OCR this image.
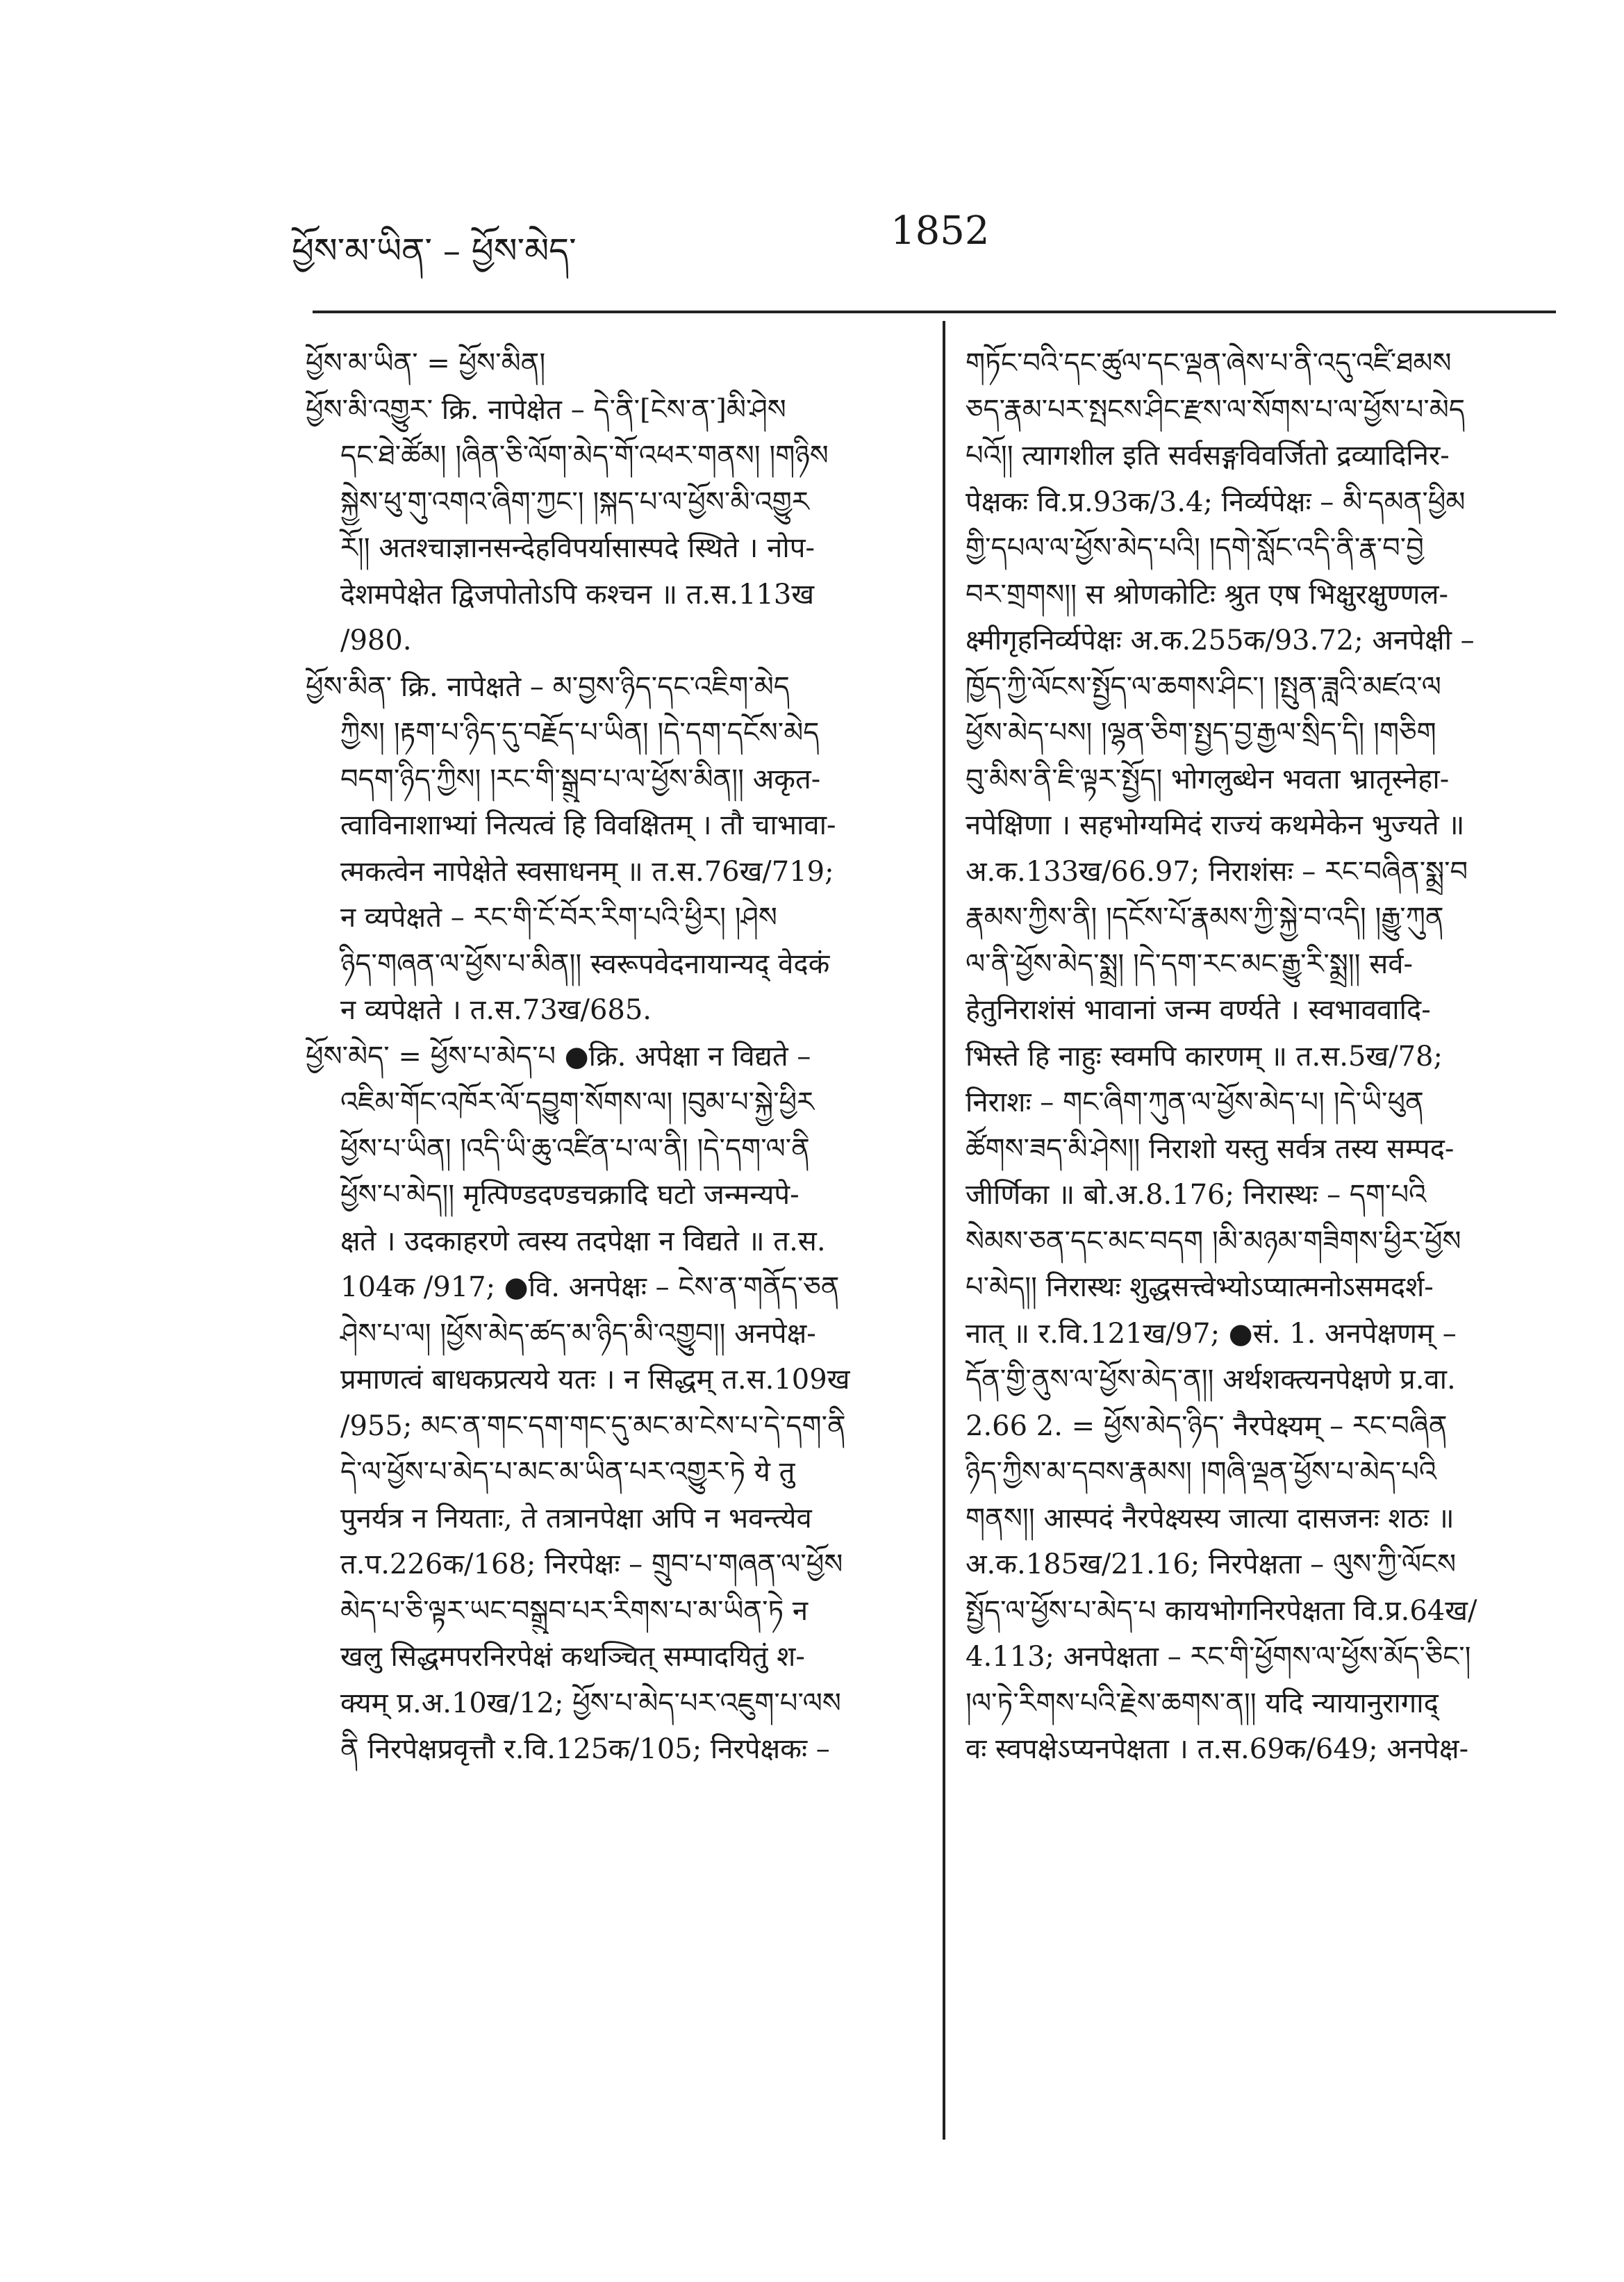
ཕྱོས་མ་ཡིན་ – ཕྱོས་མེད་	1852

ཕྱོས་མ་ཡིན་ = ཕྱོས་མིན།

ཕྱོས་མི་འགྱུར་ क्रि. नापेक्षेत – དེ་ནི་[ངེས་ན་]མི་ཤེས

དང་ཐེ་ཚོམ། །ཞིན་ཅི་ལོག་མེད་གོ་འཕར་གནས། །གཉིས

སྐྱེས་ཕུ་གུ་འགའ་ཞིག་ཀྱང་། །སྐད་པ་ལ་ཕྱོས་མི་འགྱུར

རོ།། अतश्चाज्ञानसन्देहविपर्यासास्पदे स्थिते । नोप-

देशमपेक्षेत द्विजपोतोऽपि कश्चन ॥ त.स.113ख

/980.

ཕྱོས་མིན་ क्रि. नापेक्षते – མ་བྱས་ཉིད་དང་འཇིག་མེད

ཀྱིས། །རྟག་པ་ཉིད་དུ་བརྗོད་པ་ཡིན། །དེ་དག་དངོས་མེད

བདག་ཉིད་ཀྱིས། །རང་གི་སྒྲུབ་པ་ལ་ཕྱོས་མིན།། अकृत-

त्वाविनाशाभ्यां नित्यत्वं हि विवक्षितम् । तौ चाभावा-

त्मकत्वेन नापेक्षेते स्वसाधनम् ॥ त.स.76ख/719;

न व्यपेक्षते – རང་གི་ངོ་བོར་རིག་པའི་ཕྱིར། །ཤེས

ཉིད་གཞན་ལ་ཕྱོས་པ་མིན།། स्वरूपवेदनायान्यद् वेदकं

न व्यपेक्षते । त.स.73ख/685.

ཕྱོས་མེད་ = ཕྱོས་པ་མེད་པ ●क्रि. अपेक्षा न विद्यते –

འཇིམ་གོང་འཁོར་ལོ་དབྱུག་སོགས་ལ། །བུམ་པ་སྐྱེ་ཕྱིར

ཕྱོས་པ་ཡིན། །འདི་ཡི་ཆུ་འཛིན་པ་ལ་ནི། །དེ་དག་ལ་ནི

ཕྱོས་པ་མེད།། मृत्पिण्डदण्डचक्रादि घटो जन्मन्यपे-

क्षते । उदकाहरणे त्वस्य तदपेक्षा न विद्यते ॥ त.स.

104क /917; ●वि. अनपेक्षः – ངེས་ན་གནོད་ཅན

ཤེས་པ་ལ། །ཕྱོས་མེད་ཚད་མ་ཉིད་མི་འགྱུབ།། अनपेक्ष-

प्रमाणत्वं बाधकप्रत्यये यतः । न सिद्धम् त.स.109ख

/955; མང་ན་གང་དག་གང་དུ་མང་མ་ངེས་པ་དེ་དག་ནི

དེ་ལ་ཕྱོས་པ་མེད་པ་མང་མ་ཡིན་པར་འགྱུར་ཏེ ये तु

पुनर्यत्र न नियताः, ते तत्रानपेक्षा अपि न भवन्त्येव

त.प.226क/168; निरपेक्षः – གྲུབ་པ་གཞན་ལ་ཕྱོས

མེད་པ་ཅི་ལྟར་ཡང་བསྒྲུབ་པར་རིགས་པ་མ་ཡིན་ཏེ न

खलु सिद्धमपरनिरपेक्षं कथञ्चित् सम्पादयितुं श-

क्यम् प्र.अ.10ख/12; ཕྱོས་པ་མེད་པར་འཇུག་པ་ལས

ནི निरपेक्षप्रवृत्तौ र.वि.125क/105; निरपेक्षकः –

གཏོང་བའི་དང་ཚུལ་དང་ལྡན་ཞེས་པ་ནི་འདུ་འཛི་ཐམས

ཅད་རྣམ་པར་སྤངས་ཤིང་རྫས་ལ་སོགས་པ་ལ་ཕྱོས་པ་མེད

པའོ།། त्यागशील इति सर्वसङ्गविवर्जितो द्रव्यादिनिर-

पेक्षकः वि.प्र.93क/3.4; निर्व्यपेक्षः – མི་དམན་ཕྱིམ

གྱི་དཔལ་ལ་ཕྱོས་མེད་པའི། །དགེ་སློང་འདི་ནི་རྣ་བ་བྱེ

བར་གྲགས།། स श्रोणकोटिः श्रुत एष भिक्षुरक्षुण्णल-

क्ष्मीगृहनिर्व्यपेक्षः अ.क.255क/93.72; अनपेक्षी –

ཁྱོད་ཀྱི་ལོངས་སྤྱོད་ལ་ཆགས་ཤིང་། །སྤུན་ཟླའི་མཛའ་ལ

ཕྱོས་མེད་པས། །ལྷན་ཅིག་སྤྱད་བྱ་རྒྱལ་སྲིད་དི། །གཅིག

བུ་མིས་ནི་ཇི་ལྟར་སྤྱོད། भोगलुब्धेन भवता भ्रातृस्नेहा-

नपेक्षिणा । सहभोग्यमिदं राज्यं कथमेकेन भुज्यते ॥

अ.क.133ख/66.97; निराशंसः – རང་བཞིན་སྨྲ་བ

རྣམས་ཀྱིས་ནི། །དངོས་པོ་རྣམས་ཀྱི་སྐྱེ་བ་འདི། །རྒྱུ་ཀུན

ལ་ནི་ཕྱོས་མེད་སྨྲ། །དེ་དག་རང་མང་རྒྱུ་རི་སྨྲ།། सर्व-

हेतुनिराशंसं भावानां जन्म वर्ण्यते । स्वभाववादि-

भिस्ते हि नाहुः स्वमपि कारणम् ॥ त.स.5ख/78;

निराशः – གང་ཞིག་ཀུན་ལ་ཕྱོས་མེད་པ། །དེ་ཡི་ཕུན

ཚོགས་ཟད་མི་ཤེས།། निराशो यस्तु सर्वत्र तस्य सम्पद-

जीर्णिका ॥ बो.अ.8.176; निरास्थः – དག་པའི

སེམས་ཅན་དང་མང་བདག །མི་མཉམ་གཟིགས་ཕྱིར་ཕྱོས

པ་མེད།། निरास्थः शुद्धसत्त्वेभ्योऽप्यात्मनोऽसमदर्श-

नात् ॥ र.वि.121ख/97; ●सं. 1. अनपेक्षणम् –

དོན་གྱི་ནུས་ལ་ཕྱོས་མེད་ན།། अर्थशक्त्यनपेक्षणे प्र.वा.

2.66 2. = ཕྱོས་མེད་ཉིད་ नैरपेक्ष्यम् – རང་བཞིན

ཉིད་ཀྱིས་མ་དབས་རྣམས། །གཞི་ལྡན་ཕྱོས་པ་མེད་པའི

གནས།། आस्पदं नैरपेक्ष्यस्य जात्या दासजनः शठः ॥

अ.क.185ख/21.16; निरपेक्षता – ལུས་ཀྱི་ལོངས

སྤྱོད་ལ་ཕྱོས་པ་མེད་པ कायभोगनिरपेक्षता वि.प्र.64ख/

4.113; अनपेक्षता – རང་གི་ཕྱོགས་ལ་ཕྱོས་མོད་ཅིང་།

།ལ་ཏེ་རིགས་པའི་རྗེས་ཆགས་ན།། यदि न्यायानुरागाद्

वः स्वपक्षेऽप्यनपेक्षता । त.स.69क/649; अनपेक्ष-
